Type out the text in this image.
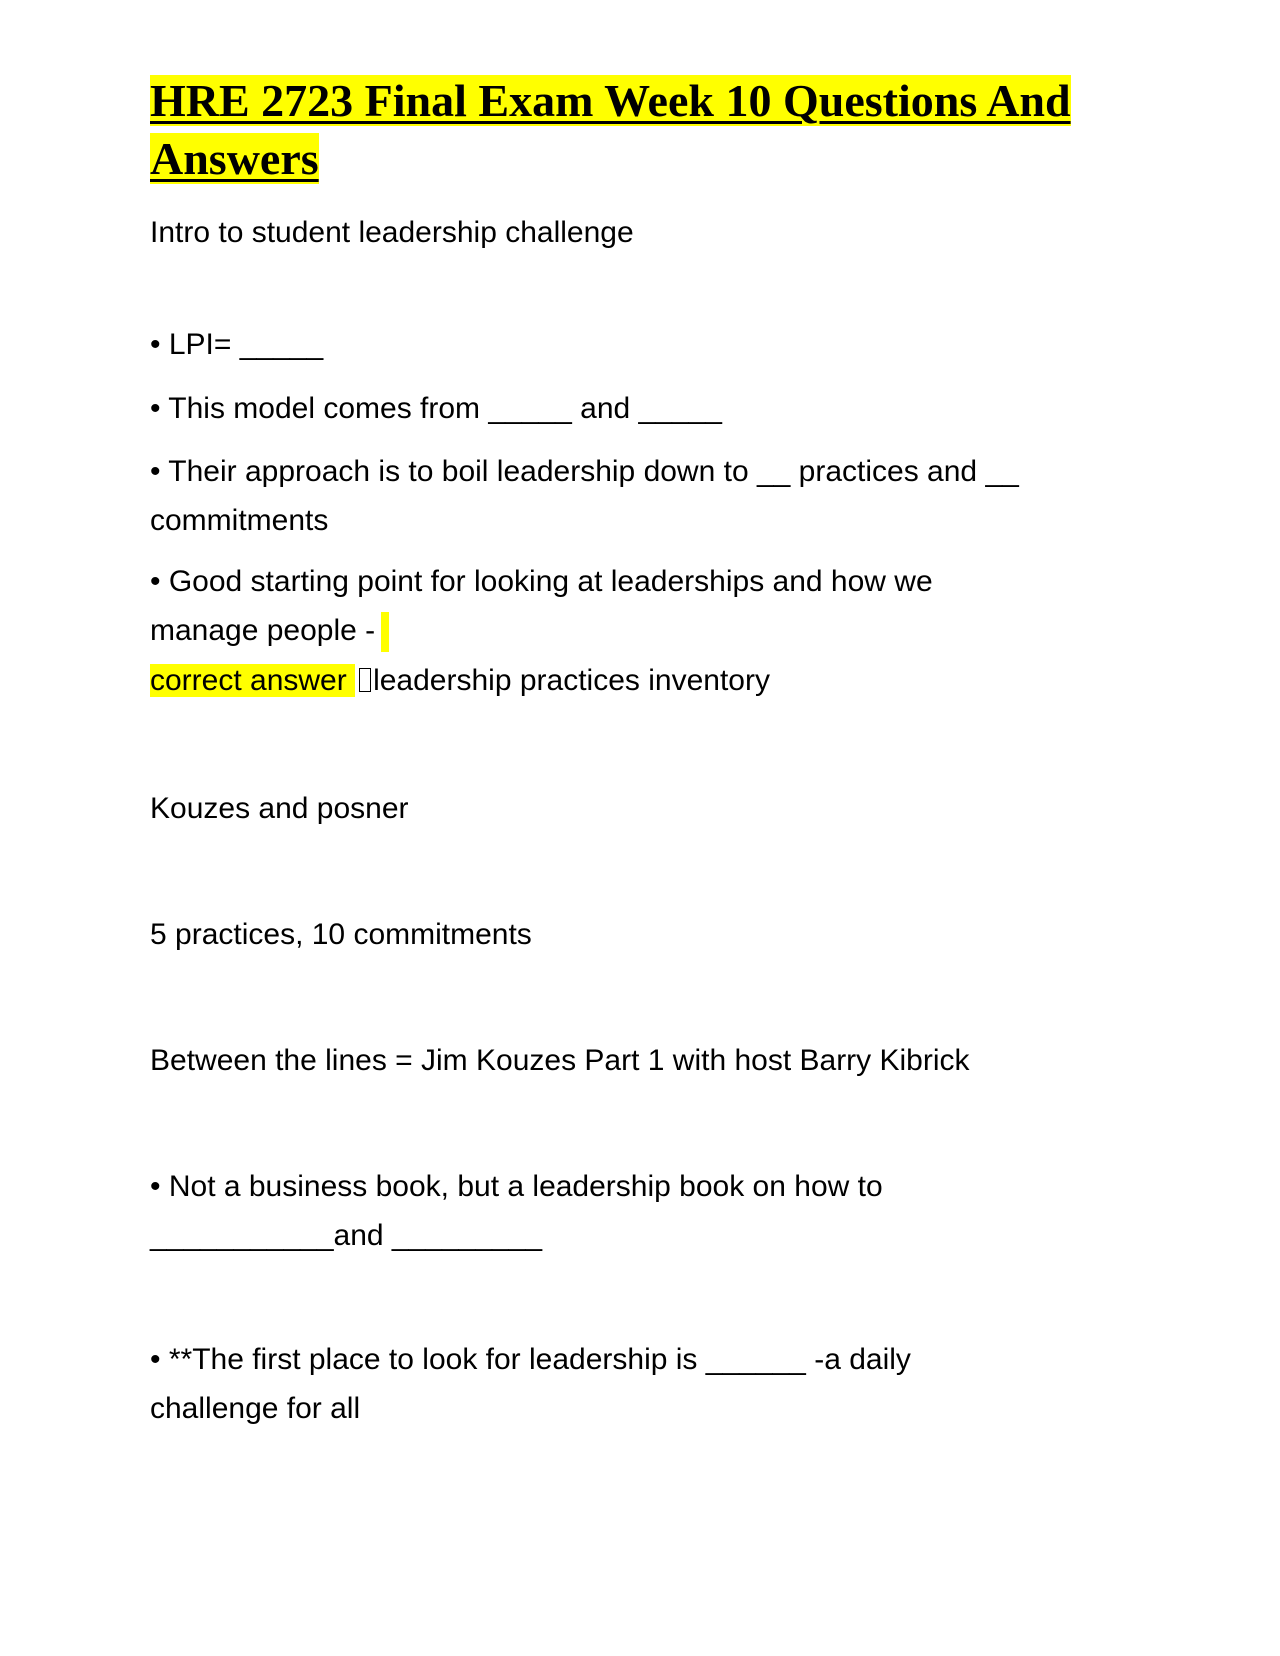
HRE 2723 Final Exam Week 10 Questions And Answers

Intro to student leadership challenge

• LPI= _____

• This model comes from _____ and _____

• Their approach is to boil leadership down to __ practices and __ commitments

• Good starting point for looking at leaderships and how we manage people -

correct answer leadership practices inventory

Kouzes and posner

5 practices, 10 commitments

Between the lines = Jim Kouzes Part 1 with host Barry Kibrick

• Not a business book, but a leadership book on how to ___________and _________

• **The first place to look for leadership is ______ -a daily challenge for all
